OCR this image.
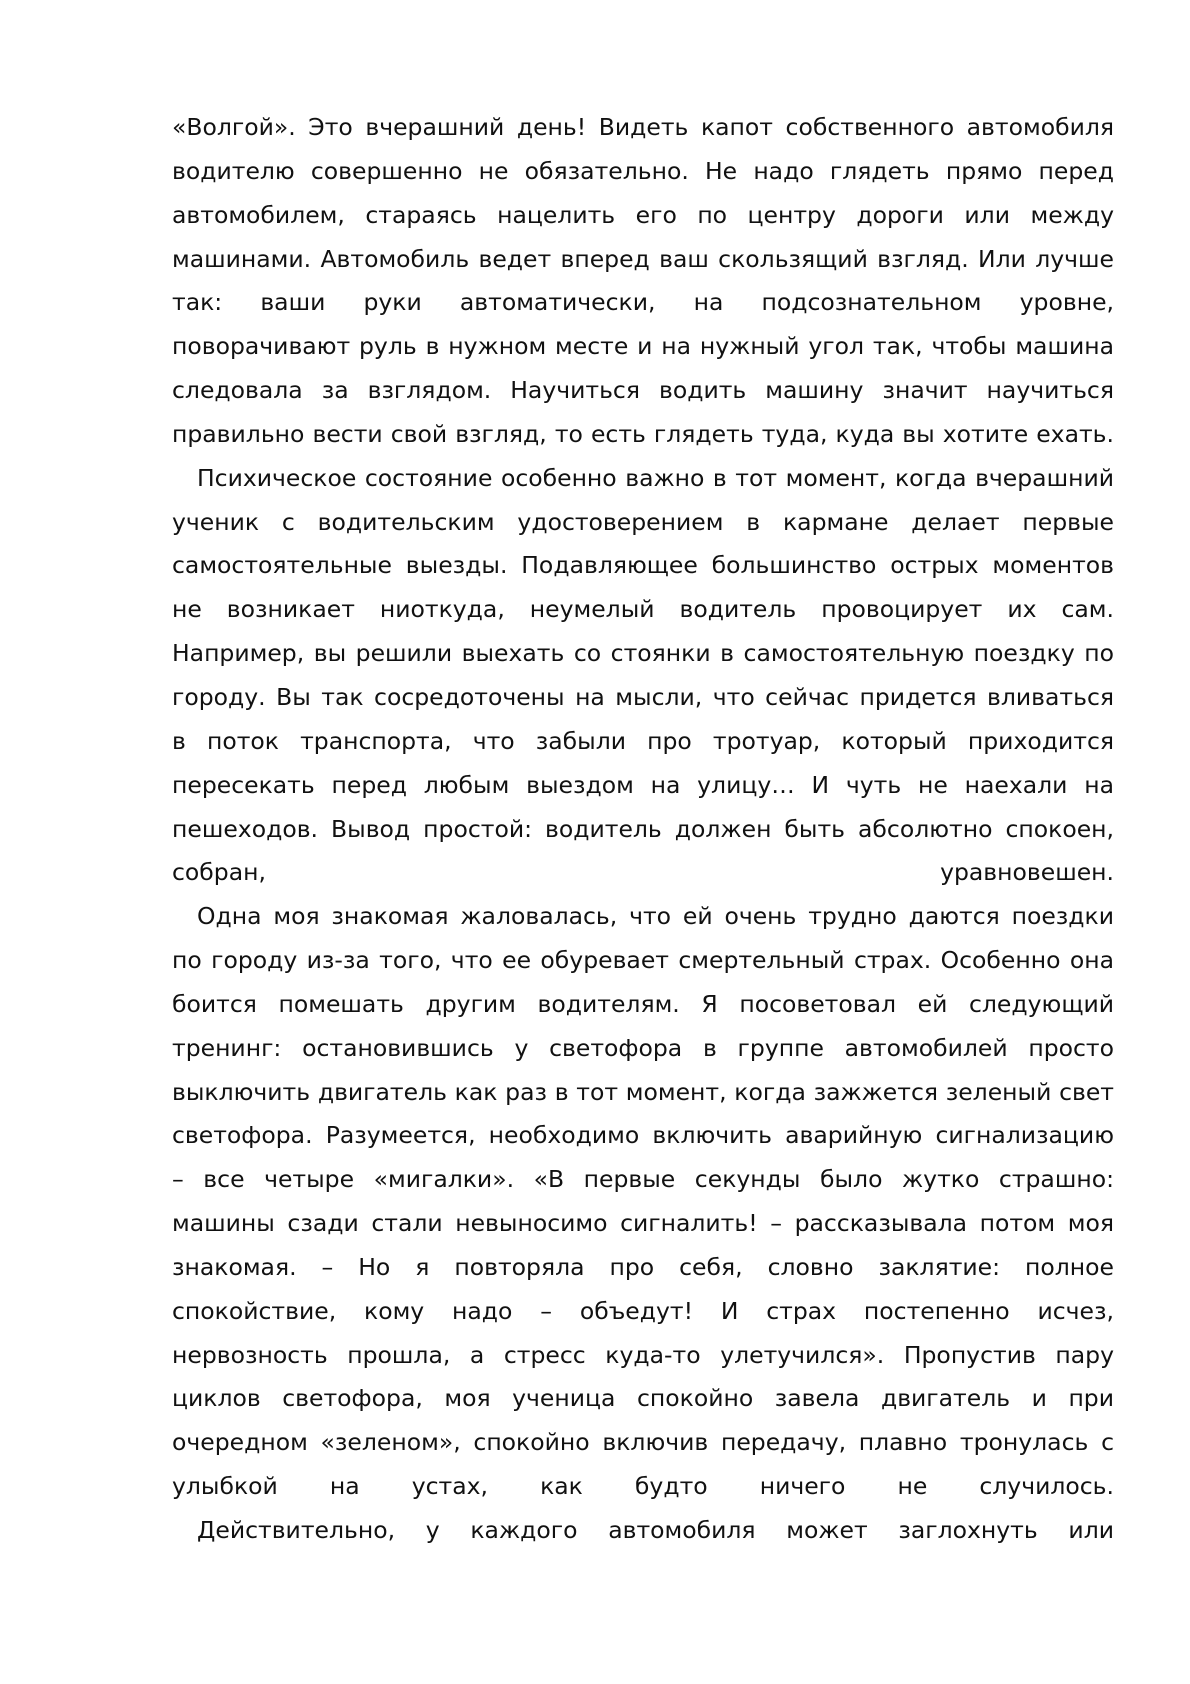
«Волгой». Это вчерашний день! Видеть капот собственного автомобиля
водителю совершенно не обязательно. Не надо глядеть прямо перед
автомобилем, стараясь нацелить его по центру дороги или между
машинами. Автомобиль ведет вперед ваш скользящий взгляд. Или лучше
так: ваши руки автоматически, на подсознательном уровне,
поворачивают руль в нужном месте и на нужный угол так, чтобы машина
следовала за взглядом. Научиться водить машину значит научиться
правильно вести свой взгляд, то есть глядеть туда, куда вы хотите ехать.
Психическое состояние особенно важно в тот момент, когда вчерашний
ученик с водительским удостоверением в кармане делает первые
самостоятельные выезды. Подавляющее большинство острых моментов
не возникает ниоткуда, неумелый водитель провоцирует их сам.
Например, вы решили выехать со стоянки в самостоятельную поездку по
городу. Вы так сосредоточены на мысли, что сейчас придется вливаться
в поток транспорта, что забыли про тротуар, который приходится
пересекать перед любым выездом на улицу… И чуть не наехали на
пешеходов. Вывод простой: водитель должен быть абсолютно спокоен,
собран, уравновешен.
Одна моя знакомая жаловалась, что ей очень трудно даются поездки
по городу из-за того, что ее обуревает смертельный страх. Особенно она
боится помешать другим водителям. Я посоветовал ей следующий
тренинг: остановившись у светофора в группе автомобилей просто
выключить двигатель как раз в тот момент, когда зажжется зеленый свет
светофора. Разумеется, необходимо включить аварийную сигнализацию
– все четыре «мигалки». «В первые секунды было жутко страшно:
машины сзади стали невыносимо сигналить! – рассказывала потом моя
знакомая. – Но я повторяла про себя, словно заклятие: полное
спокойствие, кому надо – объедут! И страх постепенно исчез,
нервозность прошла, а стресс куда-то улетучился». Пропустив пару
циклов светофора, моя ученица спокойно завела двигатель и при
очередном «зеленом», спокойно включив передачу, плавно тронулась с
улыбкой на устах, как будто ничего не случилось.
Действительно, у каждого автомобиля может заглохнуть или
